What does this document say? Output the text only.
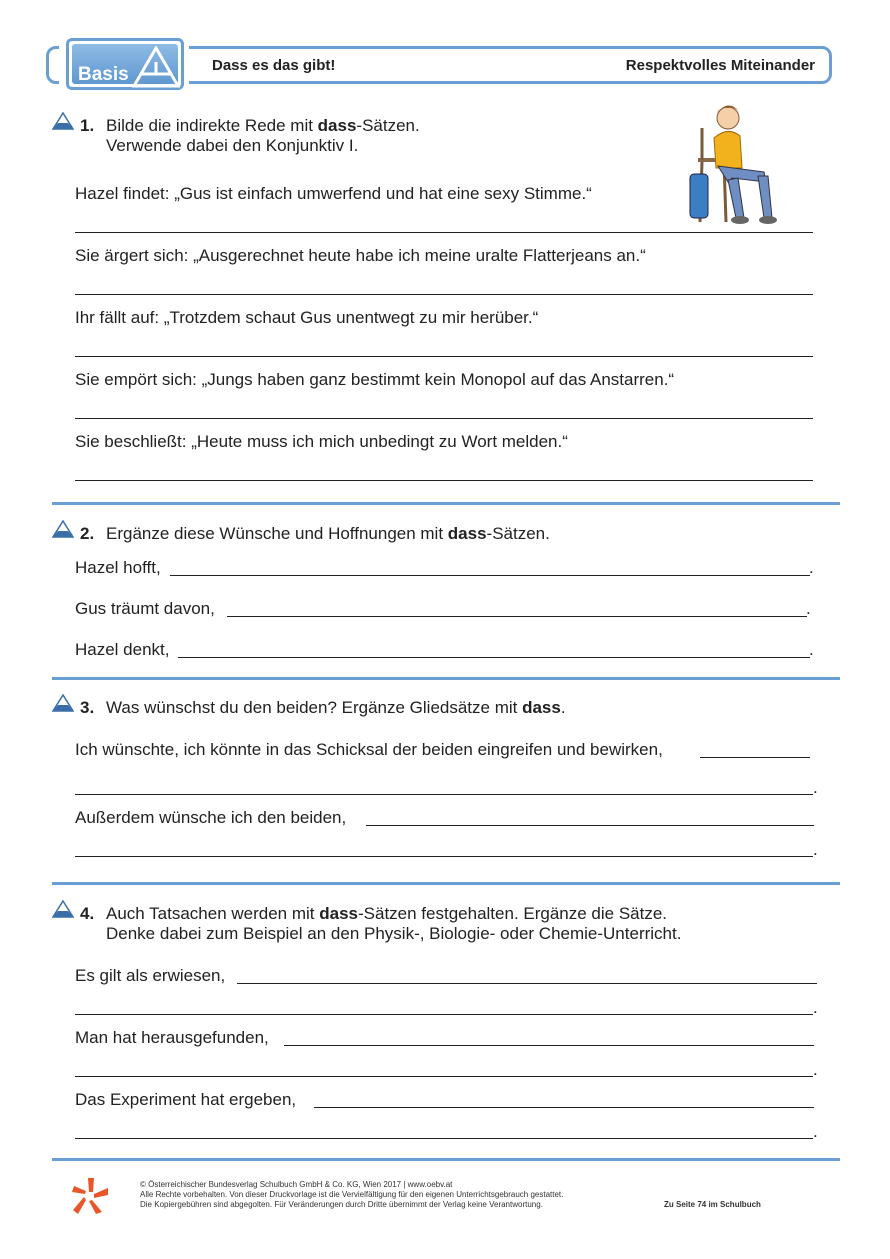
Basis	Dass es das gibt!	Respektvolles Miteinander
1. Bilde die indirekte Rede mit dass-Sätzen.
Verwende dabei den Konjunktiv I.
Hazel findet: „Gus ist einfach umwerfend und hat eine sexy Stimme.“
Sie ärgert sich: „Ausgerechnet heute habe ich meine uralte Flatterjeans an.“
Ihr fällt auf: „Trotzdem schaut Gus unentwegt zu mir herüber.“
Sie empört sich: „Jungs haben ganz bestimmt kein Monopol auf das Anstarren.“
Sie beschließt: „Heute muss ich mich unbedingt zu Wort melden.“
2. Ergänze diese Wünsche und Hoffnungen mit dass-Sätzen.
Hazel hofft,	.
Gus träumt davon,	.
Hazel denkt,	.
3. Was wünschst du den beiden? Ergänze Gliedsätze mit dass.
Ich wünschte, ich könnte in das Schicksal der beiden eingreifen und bewirken,
.
Außerdem wünsche ich den beiden,
.
4. Auch Tatsachen werden mit dass-Sätzen festgehalten. Ergänze die Sätze.
Denke dabei zum Beispiel an den Physik-, Biologie- oder Chemie-Unterricht.
Es gilt als erwiesen,
.
Man hat herausgefunden,
.
Das Experiment hat ergeben,
.
© Österreichischer Bundesverlag Schulbuch GmbH & Co. KG, Wien 2017 | www.oebv.at
Alle Rechte vorbehalten. Von dieser Druckvorlage ist die Vervielfältigung für den eigenen Unterrichtsgebrauch gestattet.
Die Kopiergebühren sind abgegolten. Für Veränderungen durch Dritte übernimmt der Verlag keine Verantwortung.	Zu Seite 74 im Schulbuch
